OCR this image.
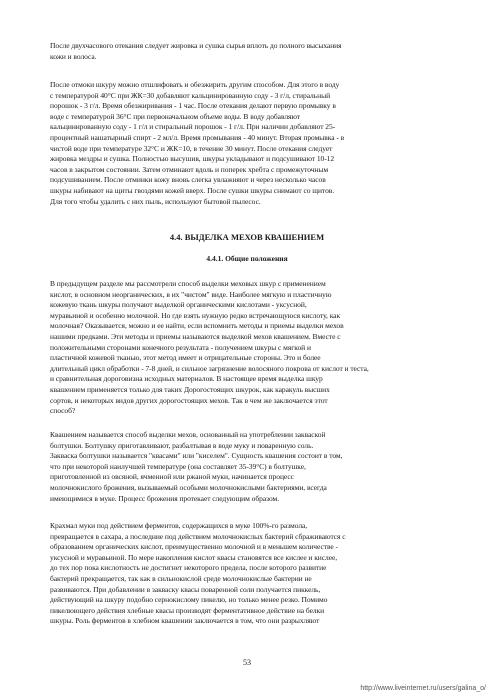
После двухчасового отекания следует жировка и сушка сырья вплоть до полного высыхания
кожи и волоса.
После отмоки шкуру можно отшлифовать и обезжирить другим способом. Для этого в воду
с температурой 40°С при ЖК=30 добавляют кальцинированную соду - 3 г/л, стиральный
порошок - 3 г/л. Время обезжиривания - 1 час. После отекания делают первую промывку в
воде с температурой 36°С при первоначальном объеме воды. В воду добавляют
кальцинированную соду - 1 г/л и стиральный порошок - 1 г/л. При наличии добавляют 25-
процентный нашатырный спирт - 2 мл/л. Время промывания - 40 минут. Вторая промывка - в
чистой воде при температуре 32°С и ЖК=10, в течение 30 минут. После отекания следует
жировка мездры и сушка. Полностью высушив, шкуры укладывают и подсушивают 10-12
часов в закрытом состоянии. Затем отминают вдоль и поперек хребта с промежуточным
подсушиванием. После отминки кожу вновь слегка увлажняют и через несколько часов
шкуры набивают на щиты гвоздями кожей вверх. После сушки шкуры снимают со щитов.
Для того чтобы удалить с них пыль, используют бытовой пылесос.
4.4. ВЫДЕЛКА МЕХОВ КВАШЕНИЕМ
4.4.1. Общие положения
В предыдущем разделе мы рассмотрели способ выделки меховых шкур с применением
кислот, в основном неорганических, в их "чистом" виде. Наиболее мягкую и пластичную
кожевую ткань шкуры получают выделкой органическими кислотами - уксусной,
муравьиной и особенно молочной. Но где взять нужную редко встречающуюся кислоту, как
молочная? Оказывается, можно и ее найти, если вспомнить методы и приемы выделки мехов
нашими предками. Эти методы и приемы называются выделкой мехов квашением. Вместе с
положительными сторонами конечного результата - получением шкуры с мягкой и
пластичной кожевой тканью, этот метод имеет и отрицательные стороны. Это и более
длительный цикл обработки - 7-8 дней, и сильное загрязнение волосяного покрова от кислот и теста,
и сравнительная дороговизна исходных материалов. В настоящее время выделка шкур
квашением применяется только для таких Дорогостоящих шкурок, как каракуль высших
сортов, и некоторых видов других дорогостоящих мехов. Так в чем же заключается этот
способ?
Квашением называется способ выделки мехов, основанный на употреблении закваской
болтушки. Болтушку приготавливают, разбалтывая в воде муку и поваренную соль.
Закваска болтушки называется "квасами" или "киселем". Сущность квашения состоит в том,
что при некоторой наилучшей температуре (она составляет 35-39°С) в болтушке,
приготовленной из овсяной, ячменной или ржаной муки, начинается процесс
молочнокислого брожения, вызываемый особыми молочнокислыми бактериями, всегда
имеющимися в муке. Процесс брожения протекает следующим образом.
Крахмал муки под действием ферментов, содержащихся в муке 100%-го размола,
превращается в сахара, а последние под действием молочнокислых бактерий сбраживаются с
образованием органических кислот, преимущественно молочной и в меньшем количестве -
уксусной и муравьиной. По мере накопления кислот квасы становятся все кислее и кислее,
до тех пор пока кислотность не достигнет некоторого предела, после которого развитие
бактерий прекращается, так как в сильнокислой среде молочнокислые бактерии не
развиваются. При добавлении в закваску квасы поваренной соли получается пиккель,
действующий на шкуру подобно сернокислому пикелю, но только менее резко. Помимо
пикелюющего действия хлебные квасы производят ферментативное действие на белки
шкуры. Роль ферментов в хлебном квашении заключается в том, что они разрыхляют
53
http://www.liveinternet.ru/users/galina_o/
